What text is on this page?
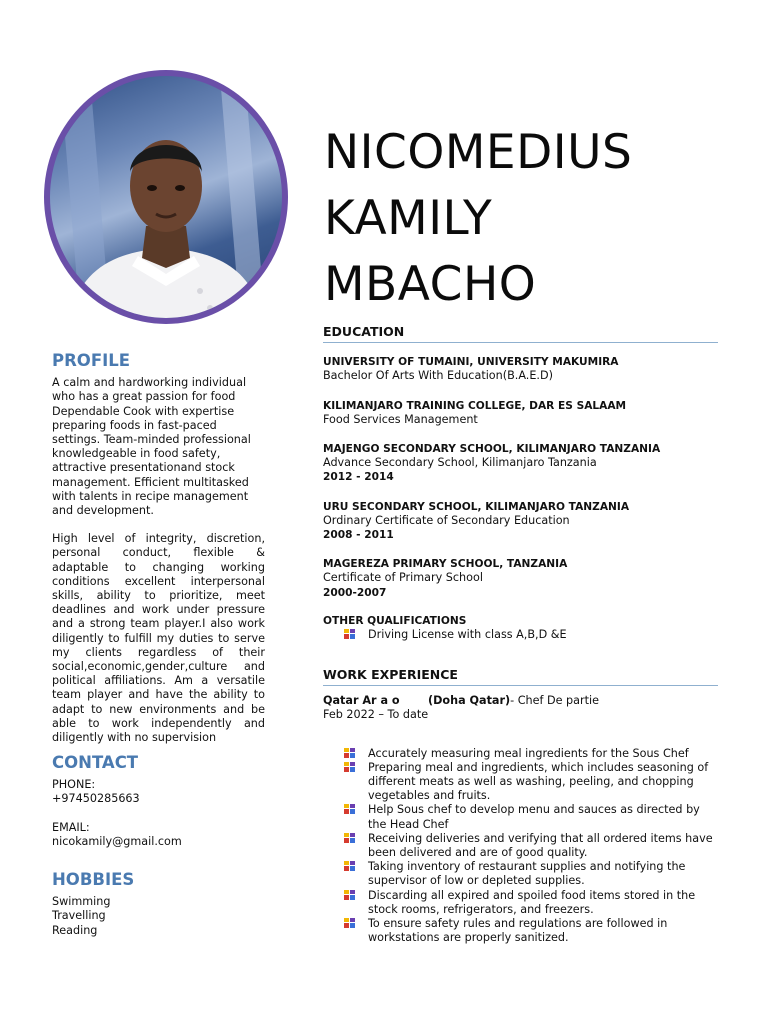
NICOMEDIUS
KAMILY
MBACHO
PROFILE

A calm and hardworking individual who has a great passion for food Dependable Cook with expertise preparing foods in fast-paced settings. Team-minded professional knowledgeable in food safety, attractive presentationand stock management. Efficient multitasked with talents in recipe management and development.

High level of integrity, discretion, personal conduct, flexible & adaptable to changing working conditions excellent interpersonal skills, ability to prioritize, meet deadlines and work under pressure and a strong team player.I also work diligently to fulfill my duties to serve my clients regardless of their social,economic,gender,culture and political affiliations. Am a versatile team player and have the ability to adapt to new environments and be able to work independently and diligently with no supervision

CONTACT

PHONE:

+97450285663

EMAIL:

nicokamily@gmail.com

HOBBIES

Swimming

Travelling

Reading

EDUCATION
UNIVERSITY OF TUMAINI, UNIVERSITY MAKUMIRA
Bachelor Of Arts With Education(B.A.E.D)
KILIMANJARO TRAINING COLLEGE, DAR ES SALAAM
Food Services Management
MAJENGO SECONDARY SCHOOL, KILIMANJARO TANZANIA
Advance Secondary School, Kilimanjaro Tanzania
2012 - 2014
URU SECONDARY SCHOOL, KILIMANJARO TANZANIA
Ordinary Certificate of Secondary Education
2008 - 2011
MAGEREZA PRIMARY SCHOOL, TANZANIA
Certificate of Primary School
2000-2007
OTHER QUALIFICATIONS
Driving License with class A,B,D &E
WORK EXPERIENCE
Qatar Ar a o	(Doha Qatar)- Chef De partie
Feb 2022 – To date
Accurately measuring meal ingredients for the Sous Chef
Preparing meal and ingredients, which includes seasoning of different meats as well as washing, peeling, and chopping vegetables and fruits.
Help Sous chef to develop menu and sauces as directed by the Head Chef
Receiving deliveries and verifying that all ordered items have been delivered and are of good quality.
Taking inventory of restaurant supplies and notifying the supervisor of low or depleted supplies.
Discarding all expired and spoiled food items stored in the stock rooms, refrigerators, and freezers.
To ensure safety rules and regulations are followed in workstations are properly sanitized.
